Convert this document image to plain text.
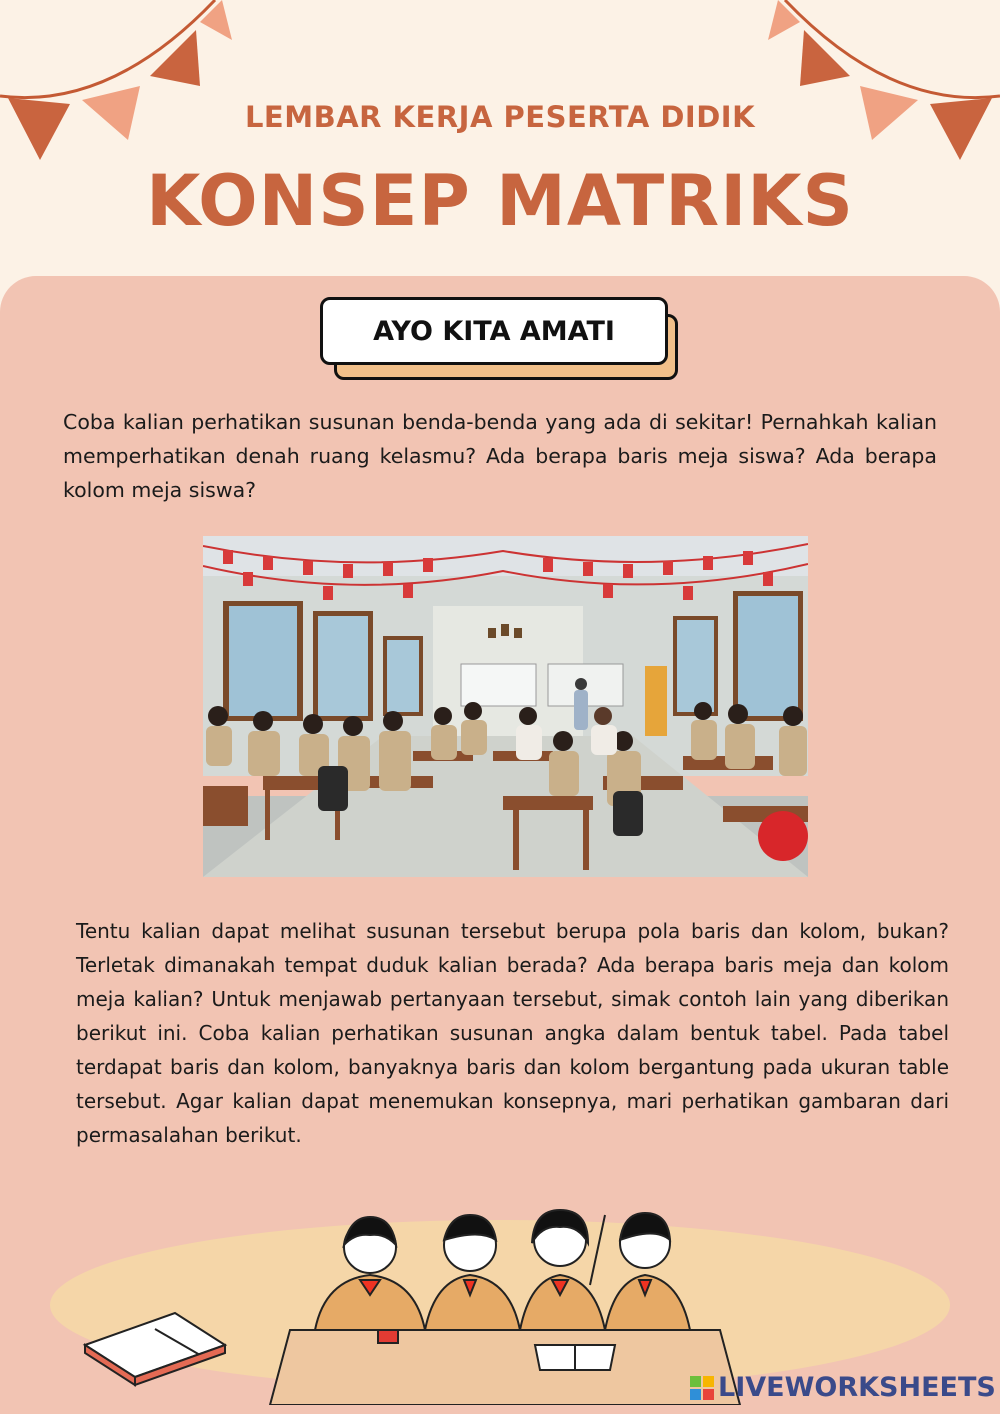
LEMBAR KERJA PESERTA DIDIK
KONSEP MATRIKS
AYO KITA AMATI

Coba kalian perhatikan susunan benda-benda yang ada di sekitar! Pernahkah kalian memperhatikan denah ruang kelasmu? Ada berapa baris meja siswa? Ada berapa kolom meja siswa?

Tentu kalian dapat melihat susunan tersebut berupa pola baris dan kolom, bukan? Terletak dimanakah tempat duduk kalian berada? Ada berapa baris meja dan kolom meja kalian? Untuk menjawab pertanyaan tersebut, simak contoh lain yang diberikan berikut ini. Coba kalian perhatikan susunan angka dalam bentuk tabel. Pada tabel terdapat baris dan kolom, banyaknya baris dan kolom bergantung pada ukuran table tersebut. Agar kalian dapat menemukan konsepnya, mari perhatikan gambaran dari permasalahan berikut.

LIVEWORKSHEETS
